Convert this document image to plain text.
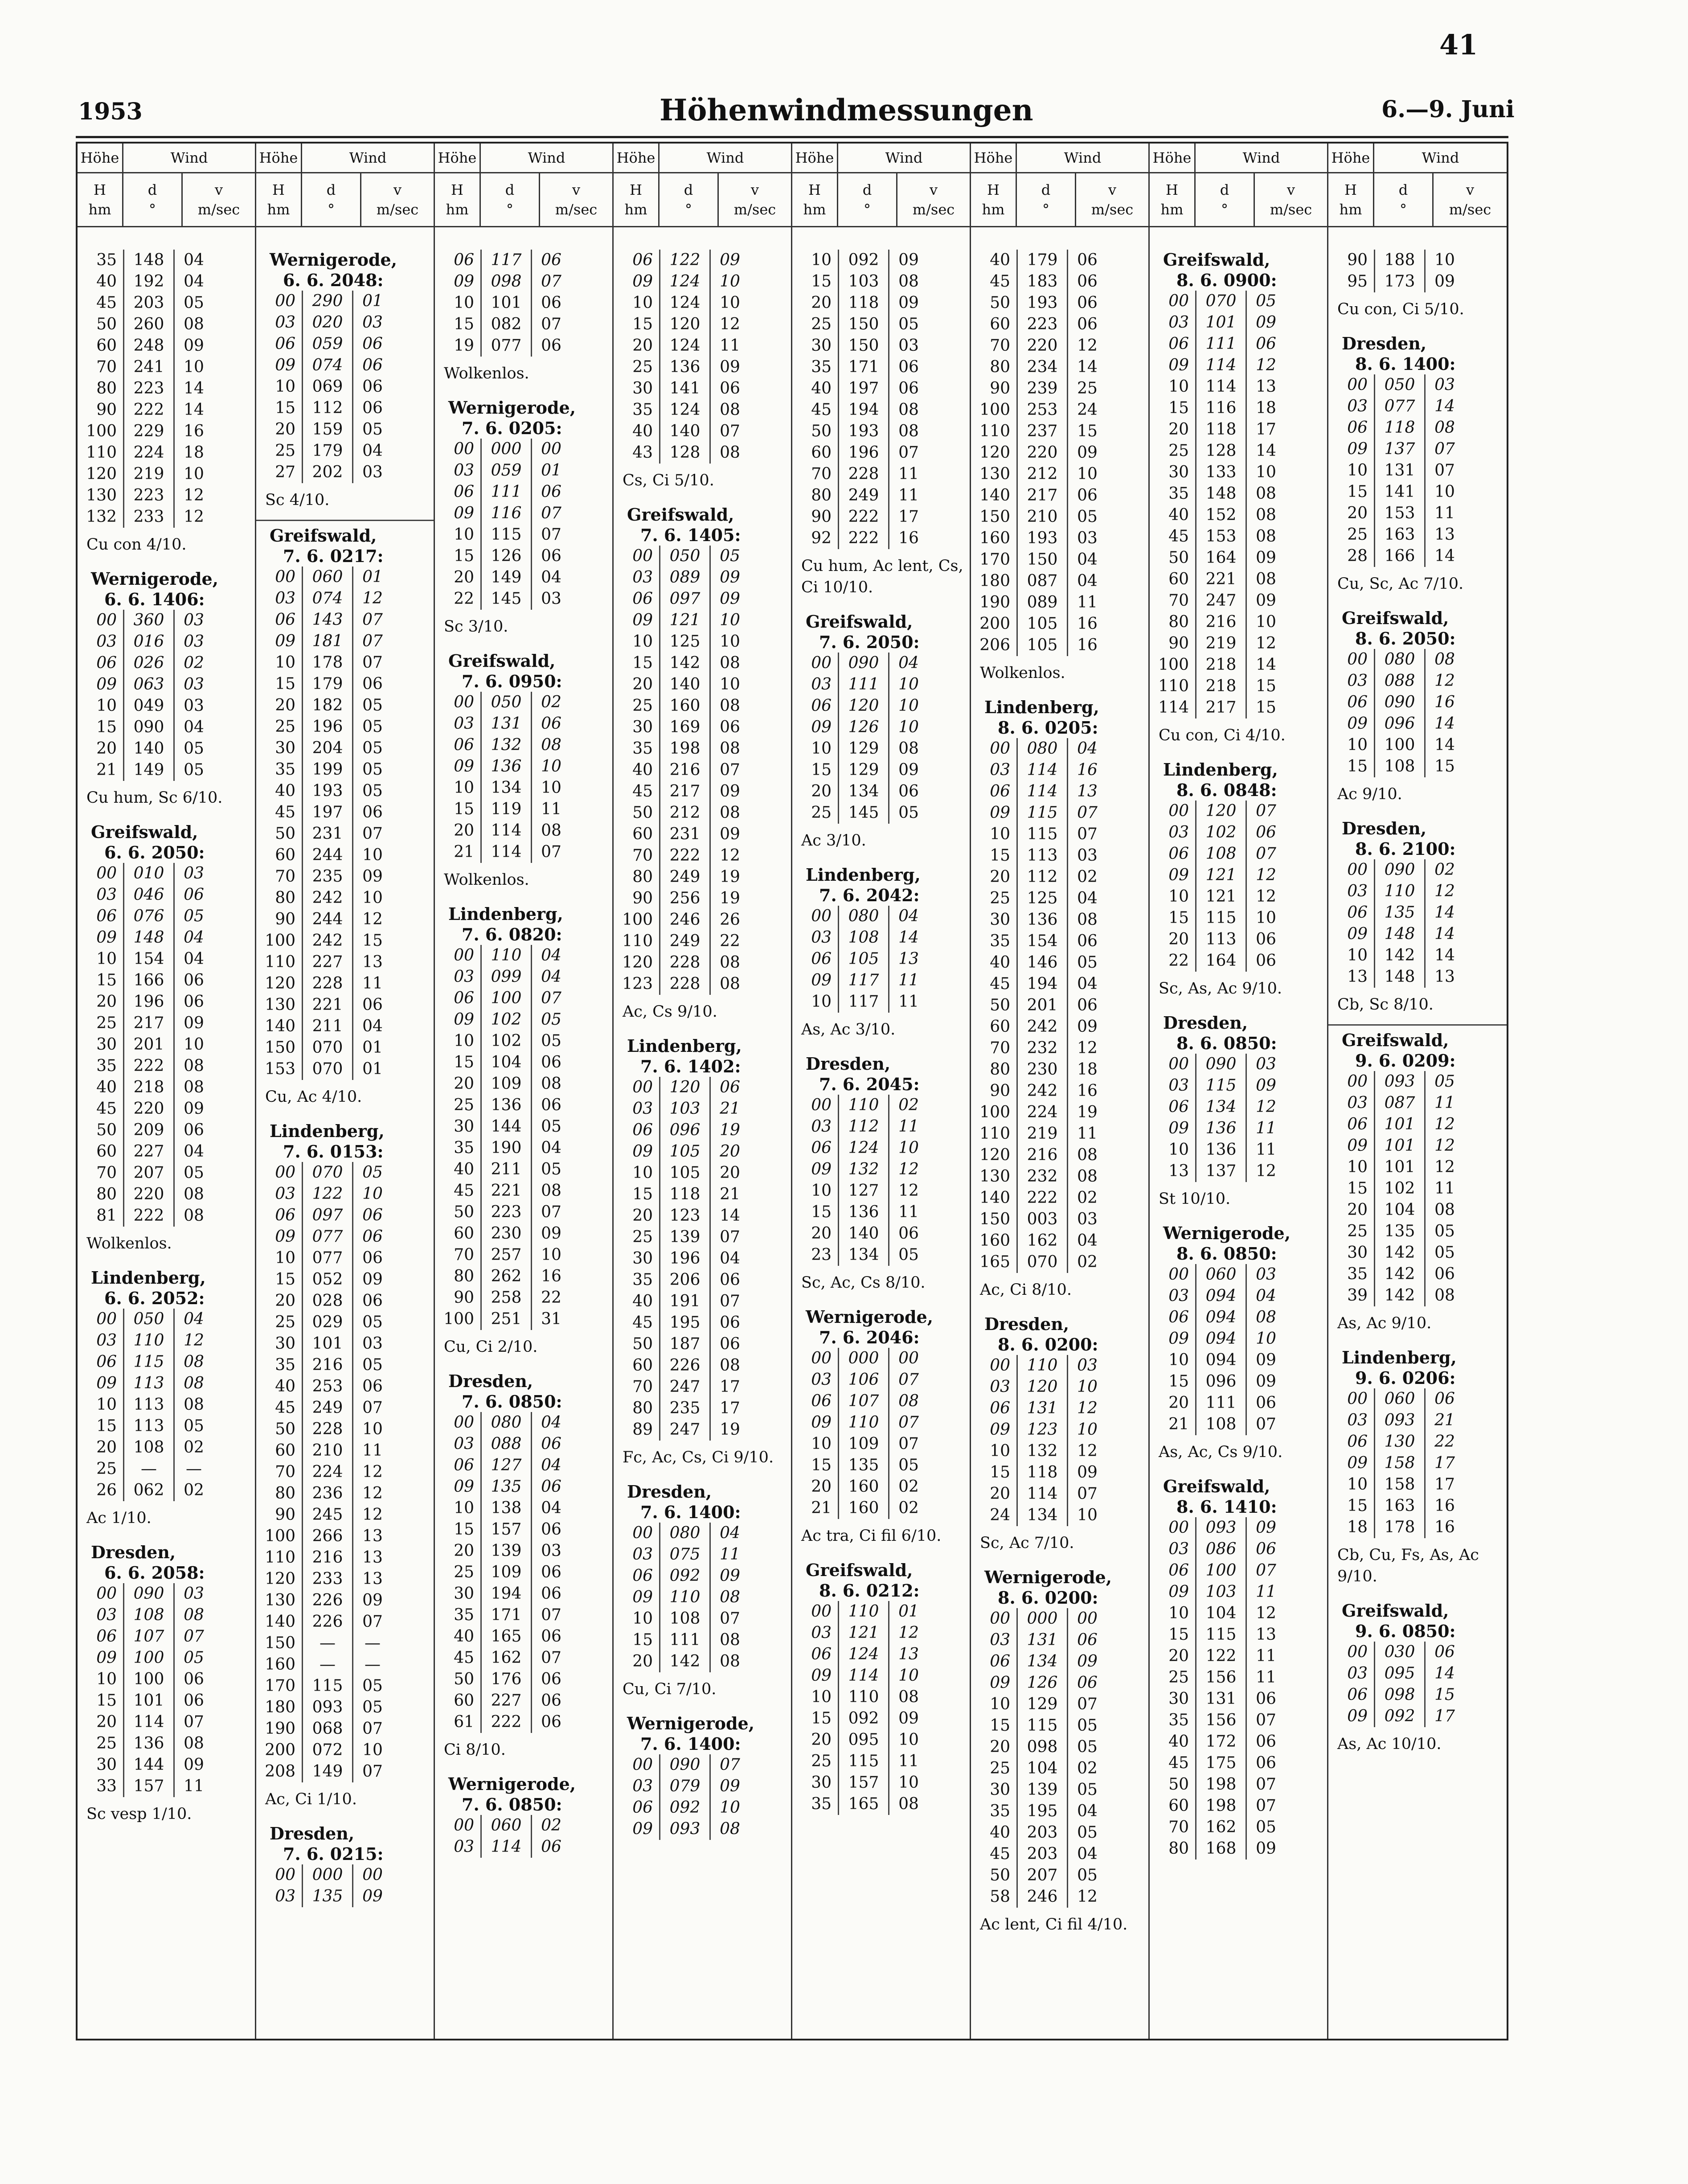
41
1953	Höhenwindmessungen	6.—9. Juni
Höhe	Wind
H
hm
d
°
v
m/sec
35	148	04
40	192	04
45	203	05
50	260	08
60	248	09
70	241	10
80	223	14
90	222	14
100	229	16
110	224	18
120	219	10
130	223	12
132	233	12
Cu con 4/10.
Wernigerode,
6. 6. 1406:
00	360	03
03	016	03
06	026	02
09	063	03
10	049	03
15	090	04
20	140	05
21	149	05
Cu hum, Sc 6/10.
Greifswald,
6. 6. 2050:
00	010	03
03	046	06
06	076	05
09	148	04
10	154	04
15	166	06
20	196	06
25	217	09
30	201	10
35	222	08
40	218	08
45	220	09
50	209	06
60	227	04
70	207	05
80	220	08
81	222	08
Wolkenlos.
Lindenberg,
6. 6. 2052:
00	050	04
03	110	12
06	115	08
09	113	08
10	113	08
15	113	05
20	108	02
25	—	—
26	062	02
Ac 1/10.
Dresden,
6. 6. 2058:
00	090	03
03	108	08
06	107	07
09	100	05
10	100	06
15	101	06
20	114	07
25	136	08
30	144	09
33	157	11
Sc vesp 1/10.
Höhe	Wind
H
hm
d
°
v
m/sec
Wernigerode,
6. 6. 2048:
00	290	01
03	020	03
06	059	06
09	074	06
10	069	06
15	112	06
20	159	05
25	179	04
27	202	03
Sc 4/10.
Greifswald,
7. 6. 0217:
00	060	01
03	074	12
06	143	07
09	181	07
10	178	07
15	179	06
20	182	05
25	196	05
30	204	05
35	199	05
40	193	05
45	197	06
50	231	07
60	244	10
70	235	09
80	242	10
90	244	12
100	242	15
110	227	13
120	228	11
130	221	06
140	211	04
150	070	01
153	070	01
Cu, Ac 4/10.
Lindenberg,
7. 6. 0153:
00	070	05
03	122	10
06	097	06
09	077	06
10	077	06
15	052	09
20	028	06
25	029	05
30	101	03
35	216	05
40	253	06
45	249	07
50	228	10
60	210	11
70	224	12
80	236	12
90	245	12
100	266	13
110	216	13
120	233	13
130	226	09
140	226	07
150	—	—
160	—	—
170	115	05
180	093	05
190	068	07
200	072	10
208	149	07
Ac, Ci 1/10.
Dresden,
7. 6. 0215:
00	000	00
03	135	09
Höhe	Wind
H
hm
d
°
v
m/sec
06	117	06
09	098	07
10	101	06
15	082	07
19	077	06
Wolkenlos.
Wernigerode,
7. 6. 0205:
00	000	00
03	059	01
06	111	06
09	116	07
10	115	07
15	126	06
20	149	04
22	145	03
Sc 3/10.
Greifswald,
7. 6. 0950:
00	050	02
03	131	06
06	132	08
09	136	10
10	134	10
15	119	11
20	114	08
21	114	07
Wolkenlos.
Lindenberg,
7. 6. 0820:
00	110	04
03	099	04
06	100	07
09	102	05
10	102	05
15	104	06
20	109	08
25	136	06
30	144	05
35	190	04
40	211	05
45	221	08
50	223	07
60	230	09
70	257	10
80	262	16
90	258	22
100	251	31
Cu, Ci 2/10.
Dresden,
7. 6. 0850:
00	080	04
03	088	06
06	127	04
09	135	06
10	138	04
15	157	06
20	139	03
25	109	06
30	194	06
35	171	07
40	165	06
45	162	07
50	176	06
60	227	06
61	222	06
Ci 8/10.
Wernigerode,
7. 6. 0850:
00	060	02
03	114	06
Höhe	Wind
H
hm
d
°
v
m/sec
06	122	09
09	124	10
10	124	10
15	120	12
20	124	11
25	136	09
30	141	06
35	124	08
40	140	07
43	128	08
Cs, Ci 5/10.
Greifswald,
7. 6. 1405:
00	050	05
03	089	09
06	097	09
09	121	10
10	125	10
15	142	08
20	140	10
25	160	08
30	169	06
35	198	08
40	216	07
45	217	09
50	212	08
60	231	09
70	222	12
80	249	19
90	256	19
100	246	26
110	249	22
120	228	08
123	228	08
Ac, Cs 9/10.
Lindenberg,
7. 6. 1402:
00	120	06
03	103	21
06	096	19
09	105	20
10	105	20
15	118	21
20	123	14
25	139	07
30	196	04
35	206	06
40	191	07
45	195	06
50	187	06
60	226	08
70	247	17
80	235	17
89	247	19
Fc, Ac, Cs, Ci 9/10.
Dresden,
7. 6. 1400:
00	080	04
03	075	11
06	092	09
09	110	08
10	108	07
15	111	08
20	142	08
Cu, Ci 7/10.
Wernigerode,
7. 6. 1400:
00	090	07
03	079	09
06	092	10
09	093	08
Höhe	Wind
H
hm
d
°
v
m/sec
10	092	09
15	103	08
20	118	09
25	150	05
30	150	03
35	171	06
40	197	06
45	194	08
50	193	08
60	196	07
70	228	11
80	249	11
90	222	17
92	222	16
Cu hum, Ac lent, Cs, Ci 10/10.
Greifswald,
7. 6. 2050:
00	090	04
03	111	10
06	120	10
09	126	10
10	129	08
15	129	09
20	134	06
25	145	05
Ac 3/10.
Lindenberg,
7. 6. 2042:
00	080	04
03	108	14
06	105	13
09	117	11
10	117	11
As, Ac 3/10.
Dresden,
7. 6. 2045:
00	110	02
03	112	11
06	124	10
09	132	12
10	127	12
15	136	11
20	140	06
23	134	05
Sc, Ac, Cs 8/10.
Wernigerode,
7. 6. 2046:
00	000	00
03	106	07
06	107	08
09	110	07
10	109	07
15	135	05
20	160	02
21	160	02
Ac tra, Ci fil 6/10.
Greifswald,
8. 6. 0212:
00	110	01
03	121	12
06	124	13
09	114	10
10	110	08
15	092	09
20	095	10
25	115	11
30	157	10
35	165	08
Höhe	Wind
H
hm
d
°
v
m/sec
40	179	06
45	183	06
50	193	06
60	223	06
70	220	12
80	234	14
90	239	25
100	253	24
110	237	15
120	220	09
130	212	10
140	217	06
150	210	05
160	193	03
170	150	04
180	087	04
190	089	11
200	105	16
206	105	16
Wolkenlos.
Lindenberg,
8. 6. 0205:
00	080	04
03	114	16
06	114	13
09	115	07
10	115	07
15	113	03
20	112	02
25	125	04
30	136	08
35	154	06
40	146	05
45	194	04
50	201	06
60	242	09
70	232	12
80	230	18
90	242	16
100	224	19
110	219	11
120	216	08
130	232	08
140	222	02
150	003	03
160	162	04
165	070	02
Ac, Ci 8/10.
Dresden,
8. 6. 0200:
00	110	03
03	120	10
06	131	12
09	123	10
10	132	12
15	118	09
20	114	07
24	134	10
Sc, Ac 7/10.
Wernigerode,
8. 6. 0200:
00	000	00
03	131	06
06	134	09
09	126	06
10	129	07
15	115	05
20	098	05
25	104	02
30	139	05
35	195	04
40	203	05
45	203	04
50	207	05
58	246	12
Ac lent, Ci fil 4/10.
Höhe	Wind
H
hm
d
°
v
m/sec
Greifswald,
8. 6. 0900:
00	070	05
03	101	09
06	111	06
09	114	12
10	114	13
15	116	18
20	118	17
25	128	14
30	133	10
35	148	08
40	152	08
45	153	08
50	164	09
60	221	08
70	247	09
80	216	10
90	219	12
100	218	14
110	218	15
114	217	15
Cu con, Ci 4/10.
Lindenberg,
8. 6. 0848:
00	120	07
03	102	06
06	108	07
09	121	12
10	121	12
15	115	10
20	113	06
22	164	06
Sc, As, Ac 9/10.
Dresden,
8. 6. 0850:
00	090	03
03	115	09
06	134	12
09	136	11
10	136	11
13	137	12
St 10/10.
Wernigerode,
8. 6. 0850:
00	060	03
03	094	04
06	094	08
09	094	10
10	094	09
15	096	09
20	111	06
21	108	07
As, Ac, Cs 9/10.
Greifswald,
8. 6. 1410:
00	093	09
03	086	06
06	100	07
09	103	11
10	104	12
15	115	13
20	122	11
25	156	11
30	131	06
35	156	07
40	172	06
45	175	06
50	198	07
60	198	07
70	162	05
80	168	09
Höhe	Wind
H
hm
d
°
v
m/sec
90	188	10
95	173	09
Cu con, Ci 5/10.
Dresden,
8. 6. 1400:
00	050	03
03	077	14
06	118	08
09	137	07
10	131	07
15	141	10
20	153	11
25	163	13
28	166	14
Cu, Sc, Ac 7/10.
Greifswald,
8. 6. 2050:
00	080	08
03	088	12
06	090	16
09	096	14
10	100	14
15	108	15
Ac 9/10.
Dresden,
8. 6. 2100:
00	090	02
03	110	12
06	135	14
09	148	14
10	142	14
13	148	13
Cb, Sc 8/10.
Greifswald,
9. 6. 0209:
00	093	05
03	087	11
06	101	12
09	101	12
10	101	12
15	102	11
20	104	08
25	135	05
30	142	05
35	142	06
39	142	08
As, Ac 9/10.
Lindenberg,
9. 6. 0206:
00	060	06
03	093	21
06	130	22
09	158	17
10	158	17
15	163	16
18	178	16
Cb, Cu, Fs, As, Ac 9/10.
Greifswald,
9. 6. 0850:
00	030	06
03	095	14
06	098	15
09	092	17
As, Ac 10/10.
